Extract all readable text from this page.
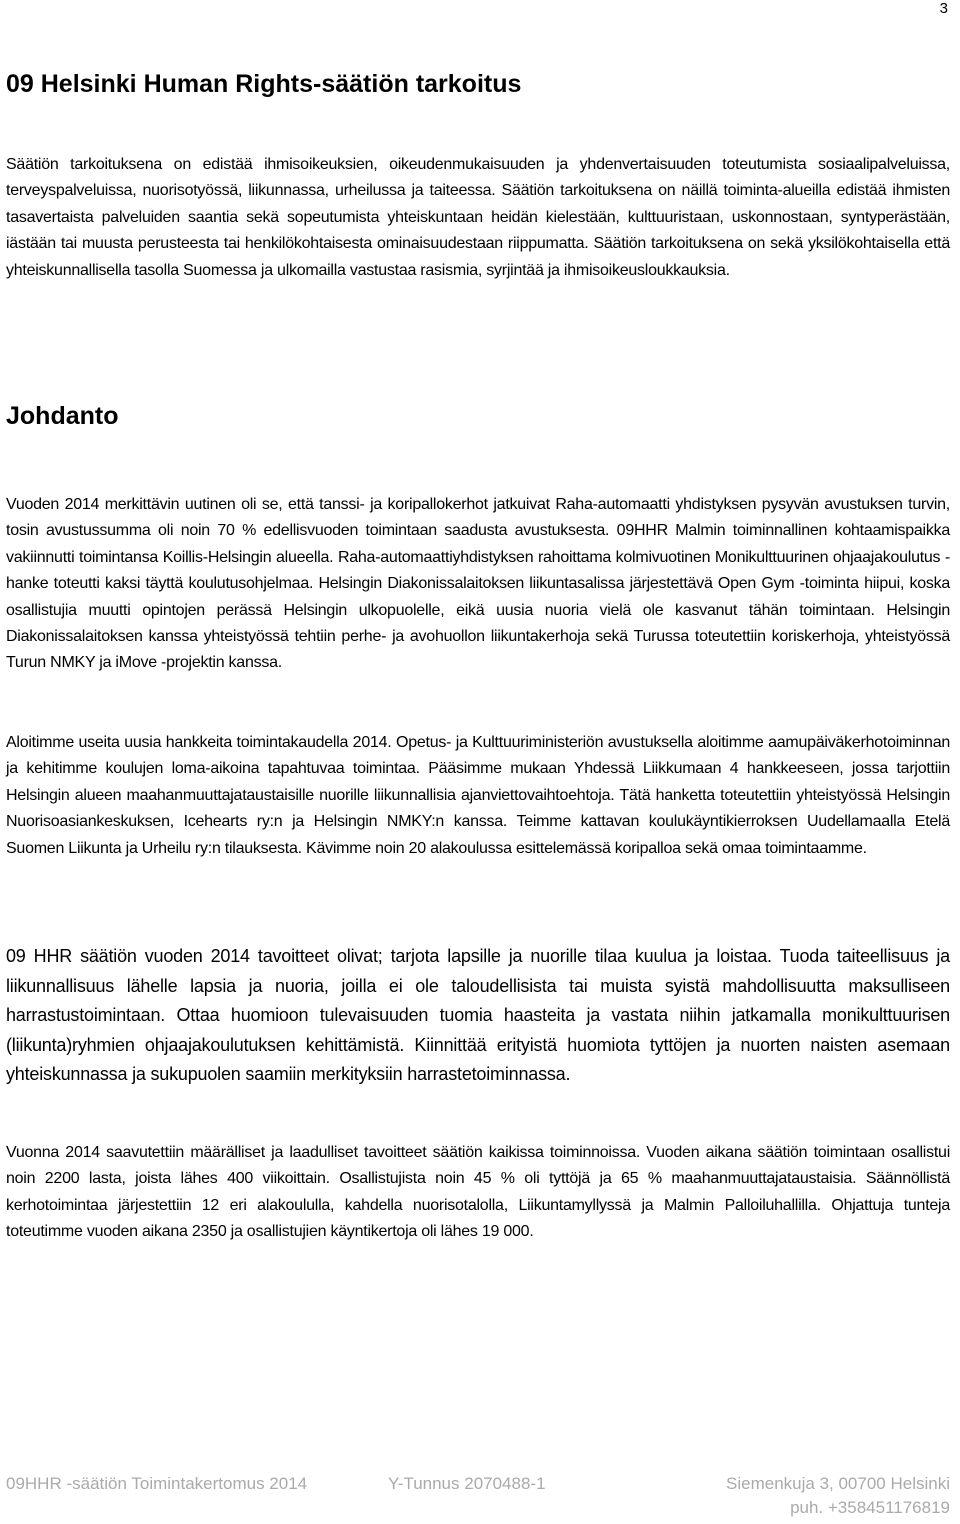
3
09 Helsinki Human Rights-säätiön tarkoitus

Säätiön tarkoituksena on edistää ihmisoikeuksien, oikeudenmukaisuuden ja yhdenvertaisuuden toteutumista sosiaalipalveluissa, terveyspalveluissa, nuorisotyössä, liikunnassa, urheilussa ja taiteessa. Säätiön tarkoituksena on näillä toiminta-alueilla edistää ihmisten tasavertaista palveluiden saantia sekä sopeutumista yhteiskuntaan heidän kielestään, kulttuuristaan, uskonnostaan, syntyperästään, iästään tai muusta perusteesta tai henkilökohtaisesta ominaisuudestaan riippumatta. Säätiön tarkoituksena on sekä yksilökohtaisella että yhteiskunnallisella tasolla Suomessa ja ulkomailla vastustaa rasismia, syrjintää ja ihmisoikeusloukkauksia.

Johdanto

Vuoden 2014 merkittävin uutinen oli se, että tanssi- ja koripallokerhot jatkuivat Raha-automaatti yhdistyksen pysyvän avustuksen turvin, tosin avustussumma oli noin 70 % edellisvuoden toimintaan saadusta avustuksesta. 09HHR Malmin toiminnallinen kohtaamispaikka vakiinnutti toimintansa Koillis-Helsingin alueella. Raha-automaattiyhdistyksen rahoittama kolmivuotinen Monikulttuurinen ohjaajakoulutus -hanke toteutti kaksi täyttä koulutusohjelmaa. Helsingin Diakonissalaitoksen liikuntasalissa järjestettävä Open Gym -toiminta hiipui, koska osallistujia muutti opintojen perässä Helsingin ulkopuolelle, eikä uusia nuoria vielä ole kasvanut tähän toimintaan. Helsingin Diakonissalaitoksen kanssa yhteistyössä tehtiin perhe- ja avohuollon liikuntakerhoja sekä Turussa toteutettiin koriskerhoja, yhteistyössä Turun NMKY ja iMove -projektin kanssa.

Aloitimme useita uusia hankkeita toimintakaudella 2014. Opetus- ja Kulttuuriministeriön avustuksella aloitimme aamupäiväkerhotoiminnan ja kehitimme koulujen loma-aikoina tapahtuvaa toimintaa. Pääsimme mukaan Yhdessä Liikkumaan 4 hankkeeseen, jossa tarjottiin Helsingin alueen maahanmuuttajataustaisille nuorille liikunnallisia ajanviettovaihtoehtoja. Tätä hanketta toteutettiin yhteistyössä Helsingin Nuorisoasiankeskuksen, Icehearts ry:n ja Helsingin NMKY:n kanssa. Teimme kattavan koulukäyntikierroksen Uudellamaalla Etelä Suomen Liikunta ja Urheilu ry:n tilauksesta. Kävimme noin 20 alakoulussa esittelemässä koripalloa sekä omaa toimintaamme.

09 HHR säätiön vuoden 2014 tavoitteet olivat; tarjota lapsille ja nuorille tilaa kuulua ja loistaa. Tuoda taiteellisuus ja liikunnallisuus lähelle lapsia ja nuoria, joilla ei ole taloudellisista tai muista syistä mahdollisuutta maksulliseen harrastustoimintaan. Ottaa huomioon tulevaisuuden tuomia haasteita ja vastata niihin jatkamalla monikulttuurisen (liikunta)ryhmien ohjaajakoulutuksen kehittämistä. Kiinnittää erityistä huomiota tyttöjen ja nuorten naisten asemaan yhteiskunnassa ja sukupuolen saamiin merkityksiin harrastetoiminnassa.

Vuonna 2014 saavutettiin määrälliset ja laadulliset tavoitteet säätiön kaikissa toiminnoissa. Vuoden aikana säätiön toimintaan osallistui noin 2200 lasta, joista lähes 400 viikoittain. Osallistujista noin 45 % oli tyttöjä ja 65 % maahanmuuttajataustaisia. Säännöllistä kerhotoimintaa järjestettiin 12 eri alakoululla, kahdella nuorisotalolla, Liikuntamyllyssä ja Malmin Palloiluhallilla. Ohjattuja tunteja toteutimme vuoden aikana 2350 ja osallistujien käyntikertoja oli lähes 19 000.

09HHR -säätiön Toimintakertomus 2014	Y-Tunnus 2070488-1	Siemenkuja 3, 00700 Helsinki
puh. +358451176819
